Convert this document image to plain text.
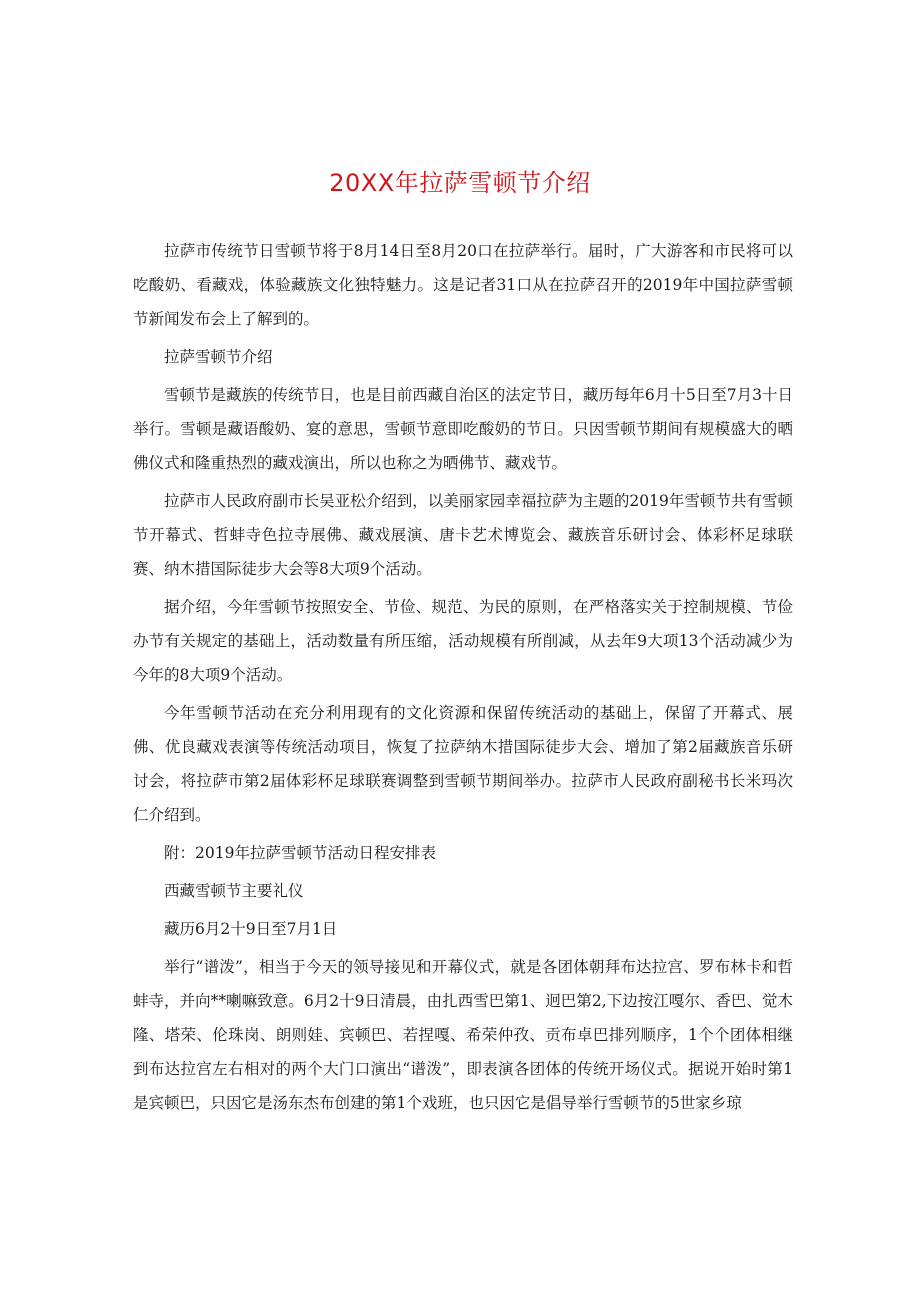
20XX年拉萨雪顿节介绍

拉萨市传统节日雪顿节将于8月14日至8月20口在拉萨举行。届时，广大游客和市民将可以吃酸奶、看藏戏，体验藏族文化独特魅力。这是记者31口从在拉萨召开的2019年中国拉萨雪顿节新闻发布会上了解到的。

拉萨雪顿节介绍

雪顿节是藏族的传统节日，也是目前西藏自治区的法定节日，藏历每年6月十5日至7月3十日举行。雪顿是藏语酸奶、宴的意思，雪顿节意即吃酸奶的节日。只因雪顿节期间有规模盛大的晒佛仪式和隆重热烈的藏戏演出，所以也称之为晒佛节、藏戏节。

拉萨市人民政府副市长吴亚松介绍到，以美丽家园幸福拉萨为主题的2019年雪顿节共有雪顿节开幕式、哲蚌寺色拉寺展佛、藏戏展演、唐卡艺术博览会、藏族音乐研讨会、体彩杯足球联赛、纳木措国际徒步大会等8大项9个活动。

据介绍，今年雪顿节按照安全、节俭、规范、为民的原则，在严格落实关于控制规模、节俭办节有关规定的基础上，活动数量有所压缩，活动规模有所削减，从去年9大项13个活动减少为今年的8大项9个活动。

今年雪顿节活动在充分利用现有的文化资源和保留传统活动的基础上，保留了开幕式、展佛、优良藏戏表演等传统活动项目，恢复了拉萨纳木措国际徒步大会、增加了第2届藏族音乐研讨会，将拉萨市第2届体彩杯足球联赛调整到雪顿节期间举办。拉萨市人民政府副秘书长米玛次仁介绍到。

附：2019年拉萨雪顿节活动日程安排表

西藏雪顿节主要礼仪

藏历6月2十9日至7月1日

举行“谱泼”，相当于今天的领导接见和开幕仪式，就是各团体朝拜布达拉宫、罗布林卡和哲蚌寺，并向**喇嘛致意。6月2十9日清晨，由扎西雪巴第1、迥巴第2,下边按江嘎尔、香巴、觉木隆、塔荣、伦珠岗、朗则娃、宾顿巴、若捏嘎、希荣仲孜、贡布卓巴排列顺序，1个个团体相继到布达拉宫左右相对的两个大门口演出“谱泼”，即表演各团体的传统开场仪式。据说开始时第1是宾顿巴，只因它是汤东杰布创建的第1个戏班，也只因它是倡导举行雪顿节的5世家乡琼
